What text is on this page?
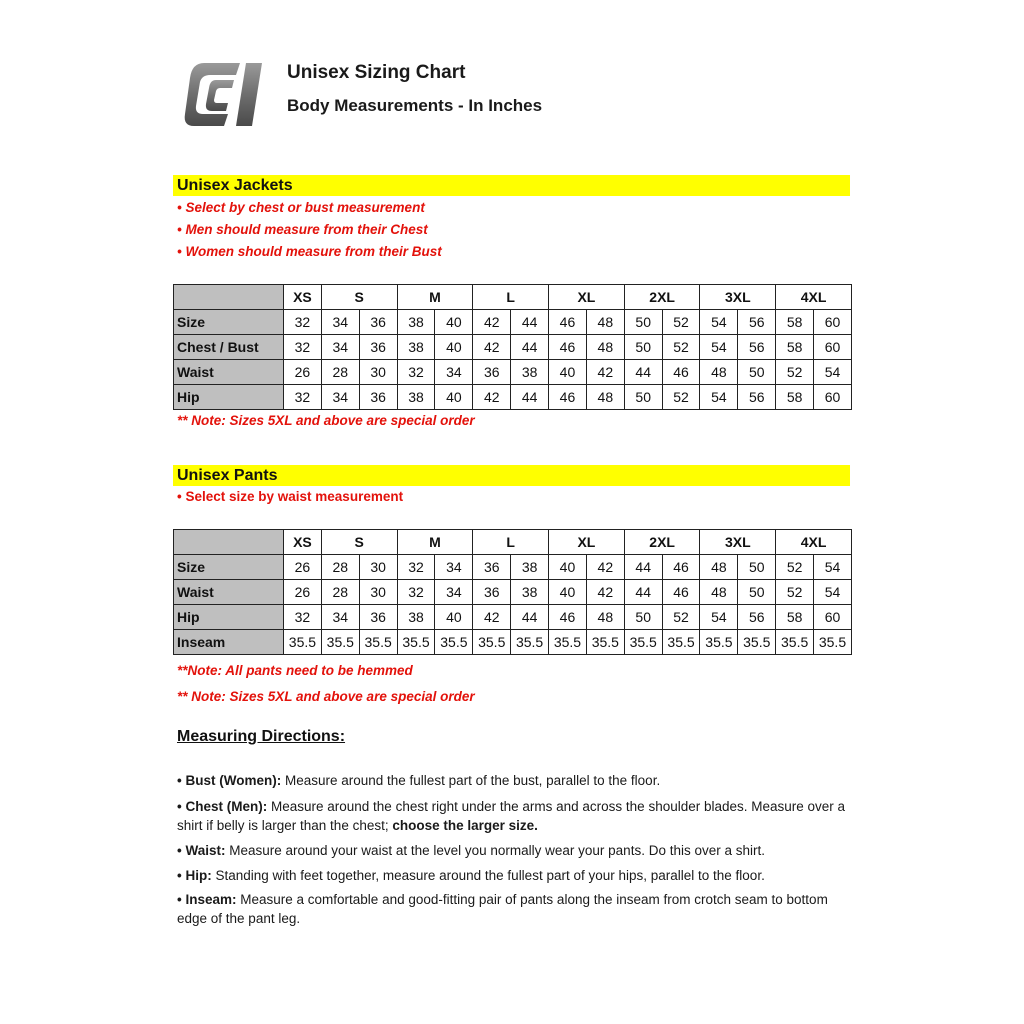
Unisex Sizing Chart
Body Measurements - In Inches
Unisex Jackets
• Select by chest or bust measurement
• Men should measure from their Chest
• Women should measure from their Bust
	XS	S		M		L		XL		2XL		3XL		4XL	
Size	32	34	36	38	40	42	44	46	48	50	52	54	56	58	60
Chest / Bust	32	34	36	38	40	42	44	46	48	50	52	54	56	58	60
Waist	26	28	30	32	34	36	38	40	42	44	46	48	50	52	54
Hip	32	34	36	38	40	42	44	46	48	50	52	54	56	58	60
** Note: Sizes 5XL and above are special order
Unisex Pants
• Select size by waist measurement
	XS	S		M		L		XL		2XL		3XL		4XL	
Size	26	28	30	32	34	36	38	40	42	44	46	48	50	52	54
Waist	26	28	30	32	34	36	38	40	42	44	46	48	50	52	54
Hip	32	34	36	38	40	42	44	46	48	50	52	54	56	58	60
Inseam	35.5	35.5	35.5	35.5	35.5	35.5	35.5	35.5	35.5	35.5	35.5	35.5	35.5	35.5	35.5
**Note: All pants need to be hemmed
** Note: Sizes 5XL and above are special order
Measuring Directions:
• Bust (Women): Measure around the fullest part of the bust, parallel to the floor.
• Chest (Men): Measure around the chest right under the arms and across the shoulder blades. Measure over a shirt if belly is larger than the chest; choose the larger size.
• Waist: Measure around your waist at the level you normally wear your pants. Do this over a shirt.
• Hip: Standing with feet together, measure around the fullest part of your hips, parallel to the floor.
• Inseam: Measure a comfortable and good-fitting pair of pants along the inseam from crotch seam to bottom edge of the pant leg.
